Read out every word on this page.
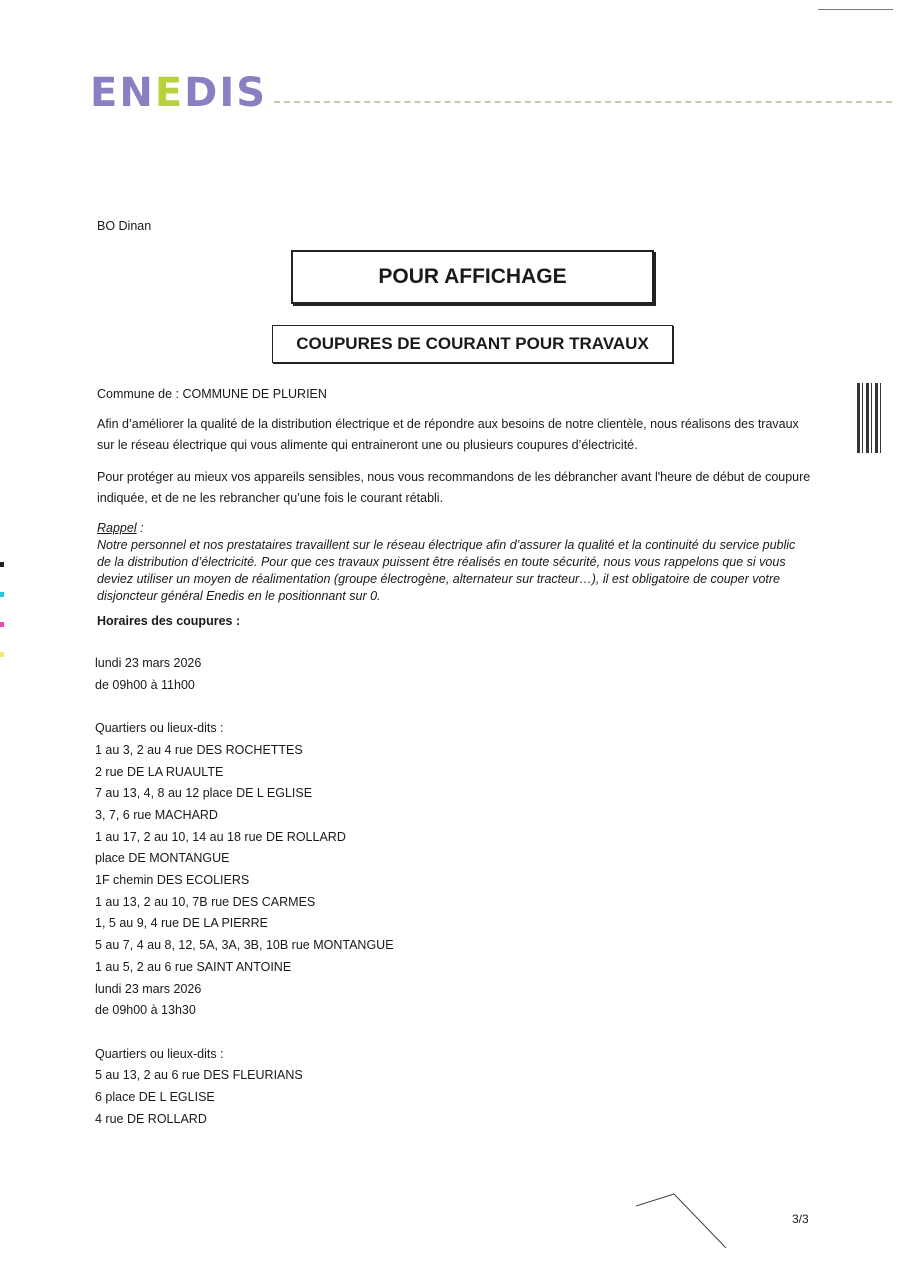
ENEDIS
BO Dinan
POUR AFFICHAGE
COUPURES DE COURANT POUR TRAVAUX
Commune de : COMMUNE DE PLURIEN
Afin d’améliorer la qualité de la distribution électrique et de répondre aux besoins de notre clientèle, nous réalisons des travaux
sur le réseau électrique qui vous alimente qui entraineront une ou plusieurs coupures d’électricité.
Pour protéger au mieux vos appareils sensibles, nous vous recommandons de les débrancher avant l'heure de début de coupure
indiquée, et de ne les rebrancher qu’une fois le courant rétabli.
Rappel :
Notre personnel et nos prestataires travaillent sur le réseau électrique afin d’assurer la qualité et la continuité du service public
de la distribution d’électricité. Pour que ces travaux puissent être réalisés en toute sécurité, nous vous rappelons que si vous
deviez utiliser un moyen de réalimentation (groupe électrogène, alternateur sur tracteur…), il est obligatoire de couper votre
disjoncteur général Enedis en le positionnant sur 0.
Horaires des coupures :
lundi 23 mars 2026
de 09h00 à 11h00
Quartiers ou lieux-dits :
1 au 3, 2 au 4 rue DES ROCHETTES
2 rue DE LA RUAULTE
7 au 13, 4, 8 au 12 place DE L EGLISE
3, 7, 6 rue MACHARD
1 au 17, 2 au 10, 14 au 18 rue DE ROLLARD
place DE MONTANGUE
1F chemin DES ECOLIERS
1 au 13, 2 au 10, 7B rue DES CARMES
1, 5 au 9, 4 rue DE LA PIERRE
5 au 7, 4 au 8, 12, 5A, 3A, 3B, 10B rue MONTANGUE
1 au 5, 2 au 6 rue SAINT ANTOINE
lundi 23 mars 2026
de 09h00 à 13h30
Quartiers ou lieux-dits :
5 au 13, 2 au 6 rue DES FLEURIANS
6 place DE L EGLISE
4 rue DE ROLLARD
3/3
